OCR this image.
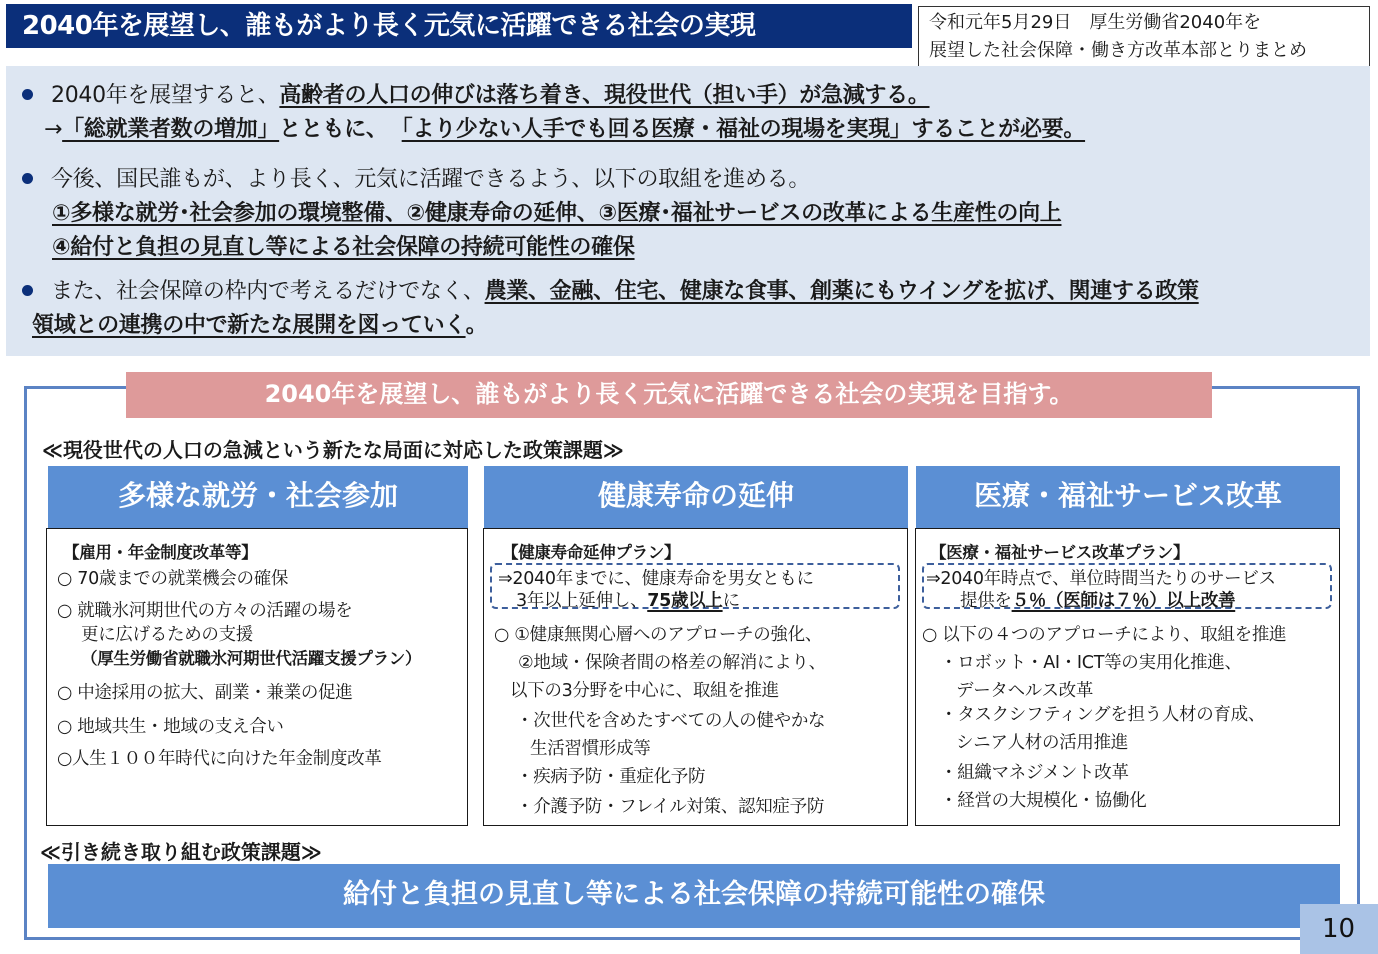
2040年を展望し、誰もがより長く元気に活躍できる社会の実現	令和元年5月29日　厚生労働省2040年を
展望した社会保障・働き方改革本部とりまとめ
2040年を展望すると、高齢者の人口の伸びは落ち着き、現役世代（担い手）が急減する。
→「総就業者数の増加」とともに、 「より少ない人手でも回る医療・福祉の現場を実現」することが必要。
今後、国民誰もが、より長く、元気に活躍できるよう、以下の取組を進める。
①多様な就労･社会参加の環境整備、②健康寿命の延伸、③医療･福祉サービスの改革による生産性の向上
④給付と負担の見直し等による社会保障の持続可能性の確保
また、社会保障の枠内で考えるだけでなく、農業、金融、住宅、健康な食事、創薬にもウイングを拡げ、関連する政策
領域との連携の中で新たな展開を図っていく。
2040年を展望し、誰もがより長く元気に活躍できる社会の実現を目指す。
≪現役世代の人口の急減という新たな局面に対応した政策課題≫
多様な就労・社会参加
【雇用・年金制度改革等】
○ 70歳までの就業機会の確保
○ 就職氷河期世代の方々の活躍の場を
更に広げるための支援
（厚生労働省就職氷河期世代活躍支援プラン）
○ 中途採用の拡大、副業・兼業の促進
○ 地域共生・地域の支え合い
○人生１００年時代に向けた年金制度改革
健康寿命の延伸
【健康寿命延伸プラン】
⇒2040年までに、健康寿命を男女ともに
3年以上延伸し、75歳以上に
○ ①健康無関心層へのアプローチの強化、
②地域・保険者間の格差の解消により、
以下の3分野を中心に、取組を推進
・次世代を含めたすべての人の健やかな
生活習慣形成等
・疾病予防・重症化予防
・介護予防・フレイル対策、認知症予防
医療・福祉サービス改革
【医療・福祉サービス改革プラン】
⇒2040年時点で、単位時間当たりのサービス
提供を５％（医師は７％）以上改善
○ 以下の４つのアプローチにより、取組を推進
・ロボット・AI・ICT等の実用化推進、
データヘルス改革
・タスクシフティングを担う人材の育成、
シニア人材の活用推進
・組織マネジメント改革
・経営の大規模化・協働化
≪引き続き取り組む政策課題≫
給付と負担の見直し等による社会保障の持続可能性の確保
10
